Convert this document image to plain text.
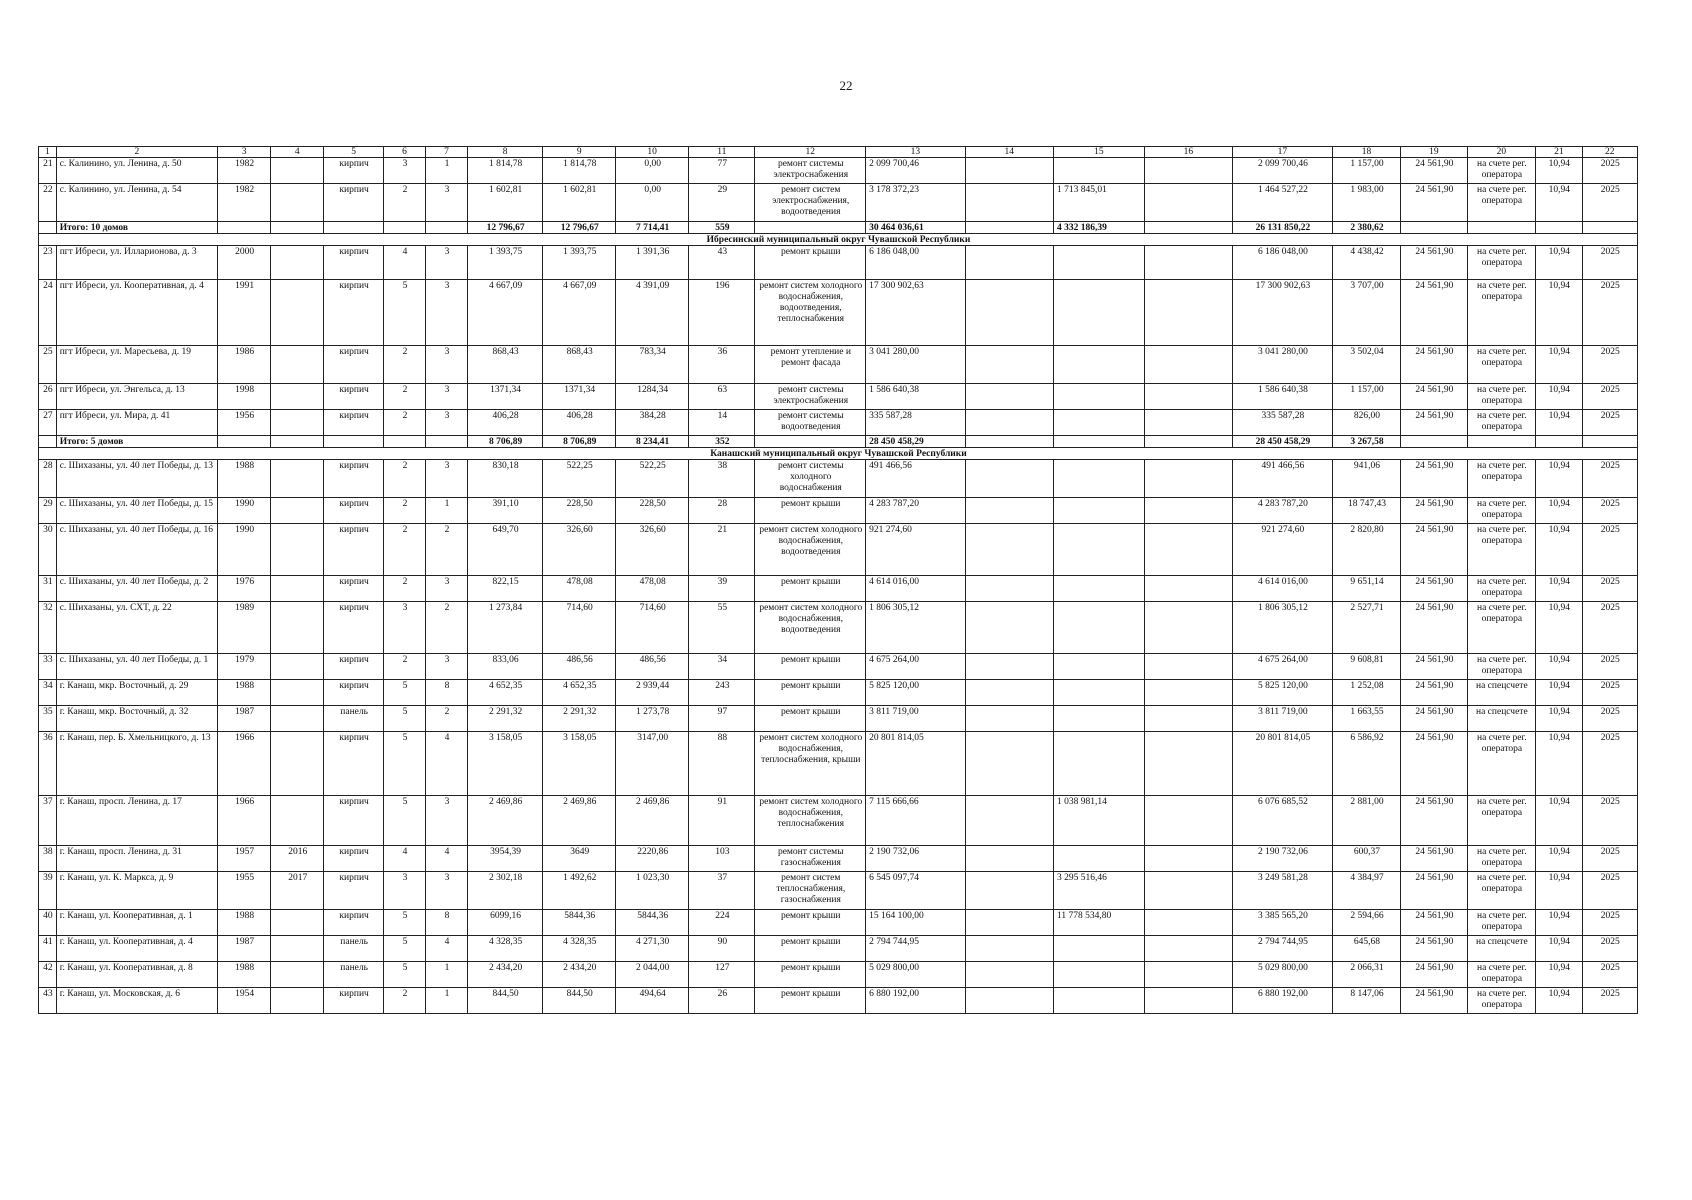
22
1	2	3	4	5	6	7	8	9	10	11	12	13	14	15	16	17	18	19	20	21	22
21	с. Калинино, ул. Ленина, д. 50	1982		кирпич	3	1	1 814,78	1 814,78	0,00	77	ремонт системы электроснабжения	2 099 700,46				2 099 700,46	1 157,00	24 561,90	на счете рег. оператора	10,94	2025
22	с. Калинино, ул. Ленина, д. 54	1982		кирпич	2	3	1 602,81	1 602,81	0,00	29	ремонт систем электроснабжения, водоотведения	3 178 372,23		1 713 845,01		1 464 527,22	1 983,00	24 561,90	на счете рег. оператора	10,94	2025
	Итого: 10 домов						12 796,67	12 796,67	7 714,41	559		30 464 036,61		4 332 186,39		26 131 850,22	2 380,62				
Ибресинский муниципальный округ Чувашской Республики																					
23	пгт Ибреси, ул. Илларионова, д. 3	2000		кирпич	4	3	1 393,75	1 393,75	1 391,36	43	ремонт крыши	6 186 048,00				6 186 048,00	4 438,42	24 561,90	на счете рег. оператора	10,94	2025
24	пгт Ибреси, ул. Кооперативная, д. 4	1991		кирпич	5	3	4 667,09	4 667,09	4 391,09	196	ремонт систем холодного водоснабжения, водоотведения, теплоснабжения	17 300 902,63				17 300 902,63	3 707,00	24 561,90	на счете рег. оператора	10,94	2025
25	пгт Ибреси, ул. Маресьева, д. 19	1986		кирпич	2	3	868,43	868,43	783,34	36	ремонт утепление и ремонт фасада	3 041 280,00				3 041 280,00	3 502,04	24 561,90	на счете рег. оператора	10,94	2025
26	пгт Ибреси, ул. Энгельса, д. 13	1998		кирпич	2	3	1371,34	1371,34	1284,34	63	ремонт системы электроснабжения	1 586 640,38				1 586 640,38	1 157,00	24 561,90	на счете рег. оператора	10,94	2025
27	пгт Ибреси, ул. Мира, д. 41	1956		кирпич	2	3	406,28	406,28	384,28	14	ремонт системы водоотведения	335 587,28				335 587,28	826,00	24 561,90	на счете рег. оператора	10,94	2025
	Итого: 5 домов						8 706,89	8 706,89	8 234,41	352		28 450 458,29				28 450 458,29	3 267,58				
Канашский муниципальный округ Чувашской Республики																					
28	с. Шихазаны, ул. 40 лет Победы, д. 13	1988		кирпич	2	3	830,18	522,25	522,25	38	ремонт системы холодного водоснабжения	491 466,56				491 466,56	941,06	24 561,90	на счете рег. оператора	10,94	2025
29	с. Шихазаны, ул. 40 лет Победы, д. 15	1990		кирпич	2	1	391,10	228,50	228,50	28	ремонт крыши	4 283 787,20				4 283 787,20	18 747,43	24 561,90	на счете рег. оператора	10,94	2025
30	с. Шихазаны, ул. 40 лет Победы, д. 16	1990		кирпич	2	2	649,70	326,60	326,60	21	ремонт систем холодного водоснабжения, водоотведения	921 274,60				921 274,60	2 820,80	24 561,90	на счете рег. оператора	10,94	2025
31	с. Шихазаны, ул. 40 лет Победы, д. 2	1976		кирпич	2	3	822,15	478,08	478,08	39	ремонт крыши	4 614 016,00				4 614 016,00	9 651,14	24 561,90	на счете рег. оператора	10,94	2025
32	с. Шихазаны, ул. СХТ, д. 22	1989		кирпич	3	2	1 273,84	714,60	714,60	55	ремонт систем холодного водоснабжения, водоотведения	1 806 305,12				1 806 305,12	2 527,71	24 561,90	на счете рег. оператора	10,94	2025
33	с. Шихазаны, ул. 40 лет Победы, д. 1	1979		кирпич	2	3	833,06	486,56	486,56	34	ремонт крыши	4 675 264,00				4 675 264,00	9 608,81	24 561,90	на счете рег. оператора	10,94	2025
34	г. Канаш, мкр. Восточный, д. 29	1988		кирпич	5	8	4 652,35	4 652,35	2 939,44	243	ремонт крыши	5 825 120,00				5 825 120,00	1 252,08	24 561,90	на спецсчете	10,94	2025
35	г. Канаш, мкр. Восточный, д. 32	1987		панель	5	2	2 291,32	2 291,32	1 273,78	97	ремонт крыши	3 811 719,00				3 811 719,00	1 663,55	24 561,90	на спецсчете	10,94	2025
36	г. Канаш, пер. Б. Хмельницкого, д. 13	1966		кирпич	5	4	3 158,05	3 158,05	3147,00	88	ремонт систем холодного водоснабжения, теплоснабжения, крыши	20 801 814,05				20 801 814,05	6 586,92	24 561,90	на счете рег. оператора	10,94	2025
37	г. Канаш, просп. Ленина, д. 17	1966		кирпич	5	3	2 469,86	2 469,86	2 469,86	91	ремонт систем холодного водоснабжения, теплоснабжения	7 115 666,66		1 038 981,14		6 076 685,52	2 881,00	24 561,90	на счете рег. оператора	10,94	2025
38	г. Канаш, просп. Ленина, д. 31	1957	2016	кирпич	4	4	3954,39	3649	2220,86	103	ремонт системы газоснабжения	2 190 732,06				2 190 732,06	600,37	24 561,90	на счете рег. оператора	10,94	2025
39	г. Канаш, ул. К. Маркса, д. 9	1955	2017	кирпич	3	3	2 302,18	1 492,62	1 023,30	37	ремонт систем теплоснабжения, газоснабжения	6 545 097,74		3 295 516,46		3 249 581,28	4 384,97	24 561,90	на счете рег. оператора	10,94	2025
40	г. Канаш, ул. Кооперативная, д. 1	1988		кирпич	5	8	6099,16	5844,36	5844,36	224	ремонт крыши	15 164 100,00		11 778 534,80		3 385 565,20	2 594,66	24 561,90	на счете рег. оператора	10,94	2025
41	г. Канаш, ул. Кооперативная, д. 4	1987		панель	5	4	4 328,35	4 328,35	4 271,30	90	ремонт крыши	2 794 744,95				2 794 744,95	645,68	24 561,90	на спецсчете	10,94	2025
42	г. Канаш, ул. Кооперативная, д. 8	1988		панель	5	1	2 434,20	2 434,20	2 044,00	127	ремонт крыши	5 029 800,00				5 029 800,00	2 066,31	24 561,90	на счете рег. оператора	10,94	2025
43	г. Канаш, ул. Московская, д. 6	1954		кирпич	2	1	844,50	844,50	494,64	26	ремонт крыши	6 880 192,00				6 880 192,00	8 147,06	24 561,90	на счете рег. оператора	10,94	2025
